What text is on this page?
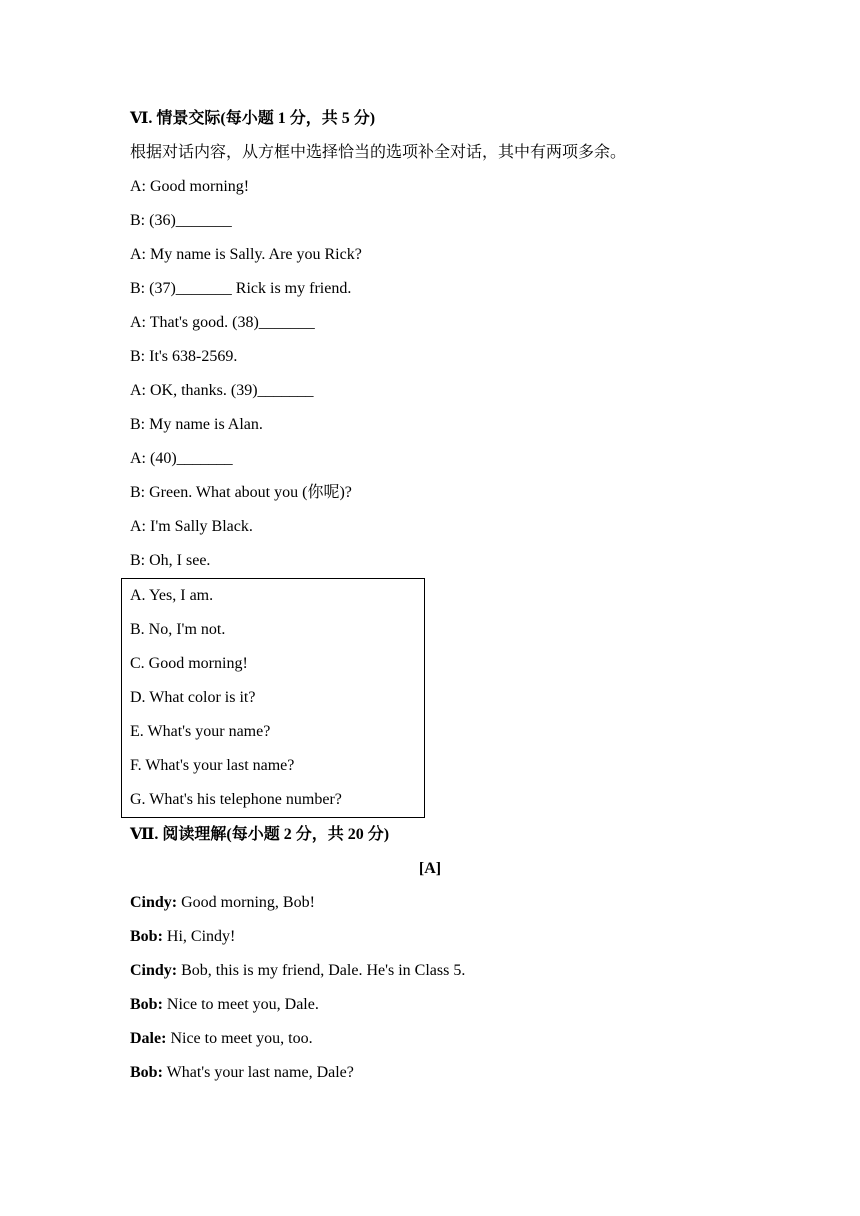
Ⅵ. 情景交际(每小题 1 分，共 5 分)
根据对话内容，从方框中选择恰当的选项补全对话，其中有两项多余。
A: Good morning!
B: (36)_______
A: My name is Sally. Are you Rick?
B: (37)_______ Rick is my friend.
A: That's good. (38)_______
B: It's 638-2569.
A: OK, thanks. (39)_______
B: My name is Alan.
A: (40)_______
B: Green. What about you (你呢)?
A: I'm Sally Black.
B: Oh, I see.
A. Yes, I am.
B. No, I'm not.
C. Good morning!
D. What color is it?
E. What's your name?
F. What's your last name?
G. What's his telephone number?
Ⅶ. 阅读理解(每小题 2 分，共 20 分)
[A]
Cindy: Good morning, Bob!
Bob: Hi, Cindy!
Cindy: Bob, this is my friend, Dale. He's in Class 5.
Bob: Nice to meet you, Dale.
Dale: Nice to meet you, too.
Bob: What's your last name, Dale?
